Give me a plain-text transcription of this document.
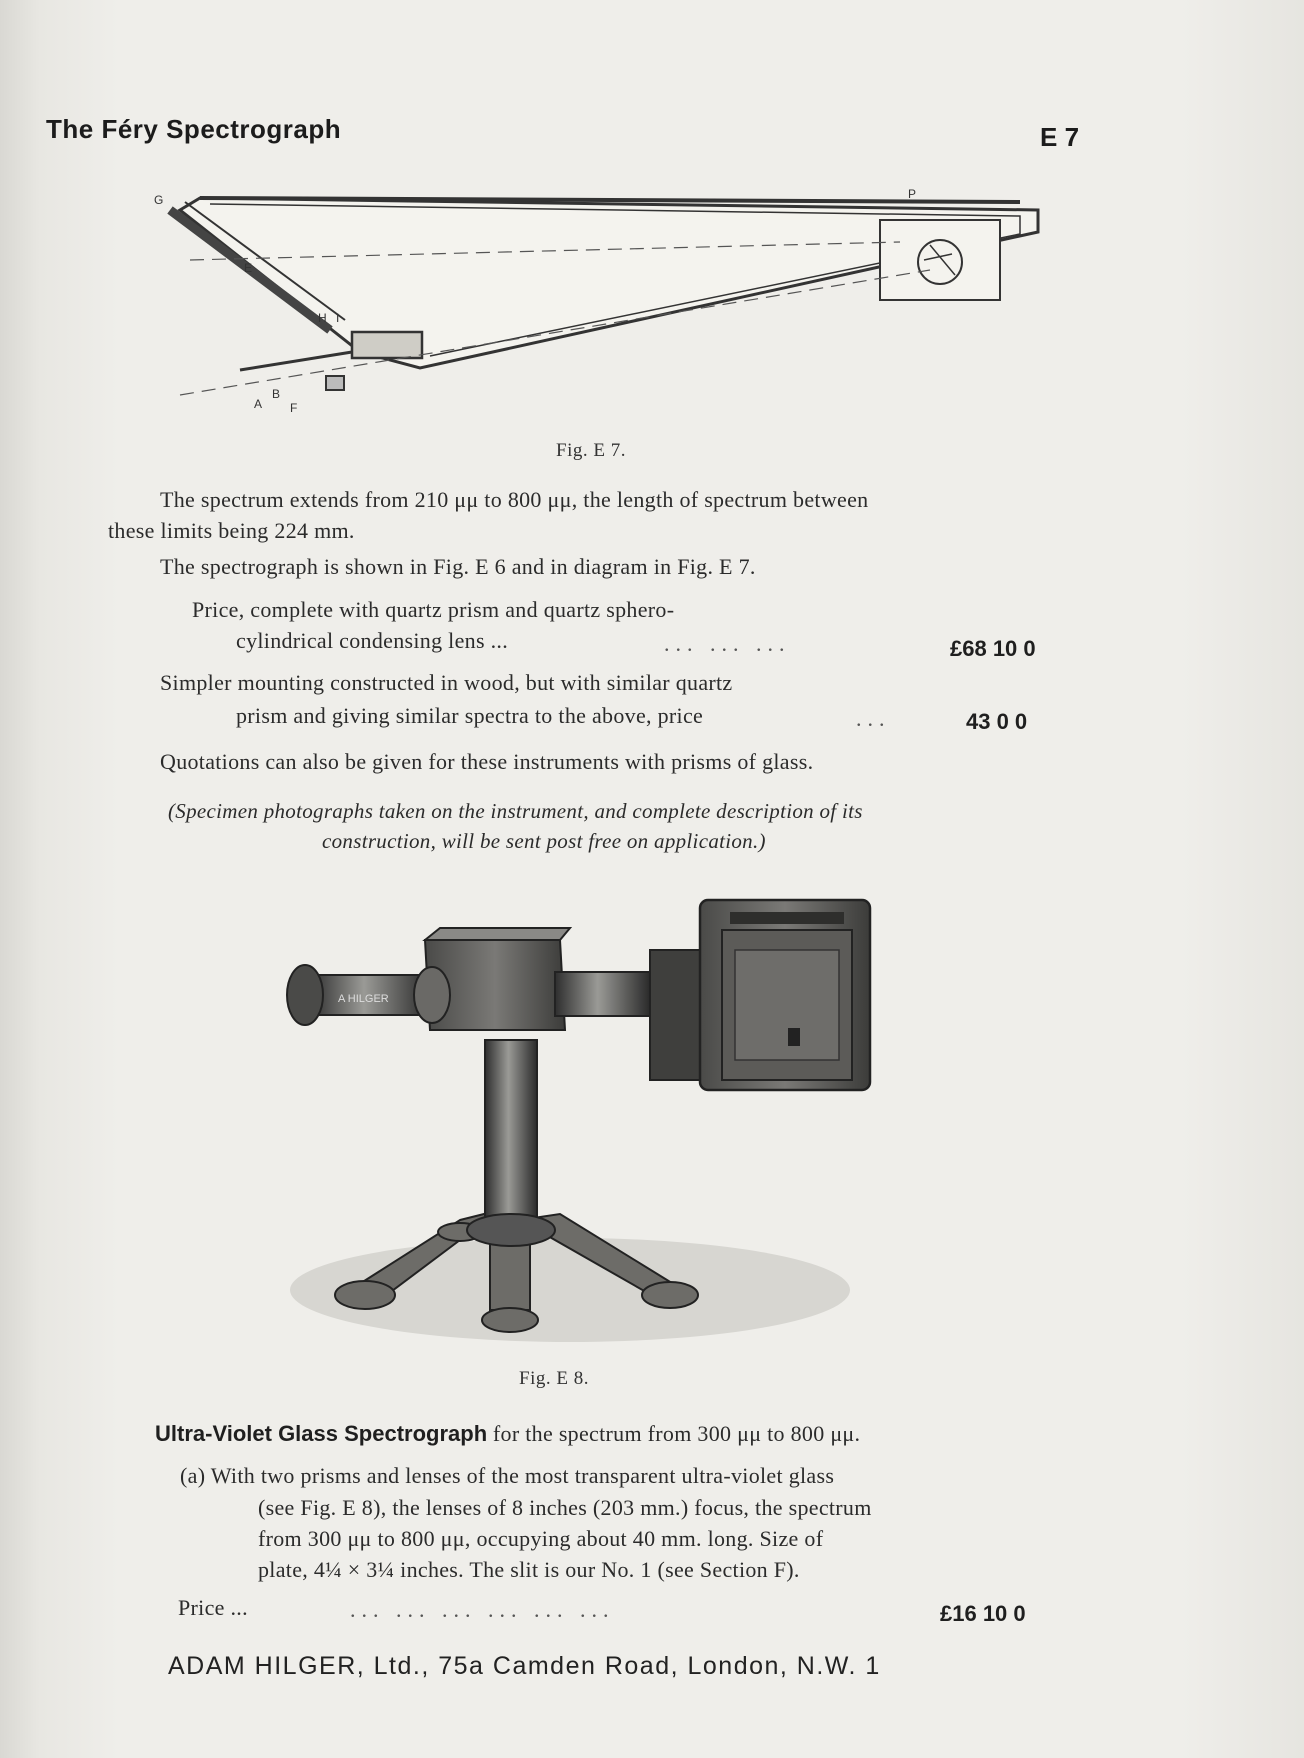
The Féry Spectrograph	E 7
G
E
H I
P
A
B
F
Fig. E 7.
The spectrum extends from 210 μμ to 800 μμ, the length of spectrum between
these limits being 224 mm.
The spectrograph is shown in Fig. E 6 and in diagram in Fig. E 7.
Price, complete with quartz prism and quartz sphero-
cylindrical condensing lens ...	... ... ...	£68 10 0
Simpler mounting constructed in wood, but with similar quartz
prism and giving similar spectra to the above, price	...	43 0 0
Quotations can also be given for these instruments with prisms of glass.
(Specimen photographs taken on the instrument, and complete description of its
construction, will be sent post free on application.)
A HILGER
Fig. E 8.
Ultra-Violet Glass Spectrograph for the spectrum from 300 μμ to 800 μμ.
(a) With two prisms and lenses of the most transparent ultra-violet glass
(see Fig. E 8), the lenses of 8 inches (203 mm.) focus, the spectrum
from 300 μμ to 800 μμ, occupying about 40 mm. long. Size of
plate, 4¼ × 3¼ inches. The slit is our No. 1 (see Section F).
Price ...	... ... ... ... ... ...	£16 10 0
ADAM HILGER, Ltd., 75a Camden Road, London, N.W. 1
